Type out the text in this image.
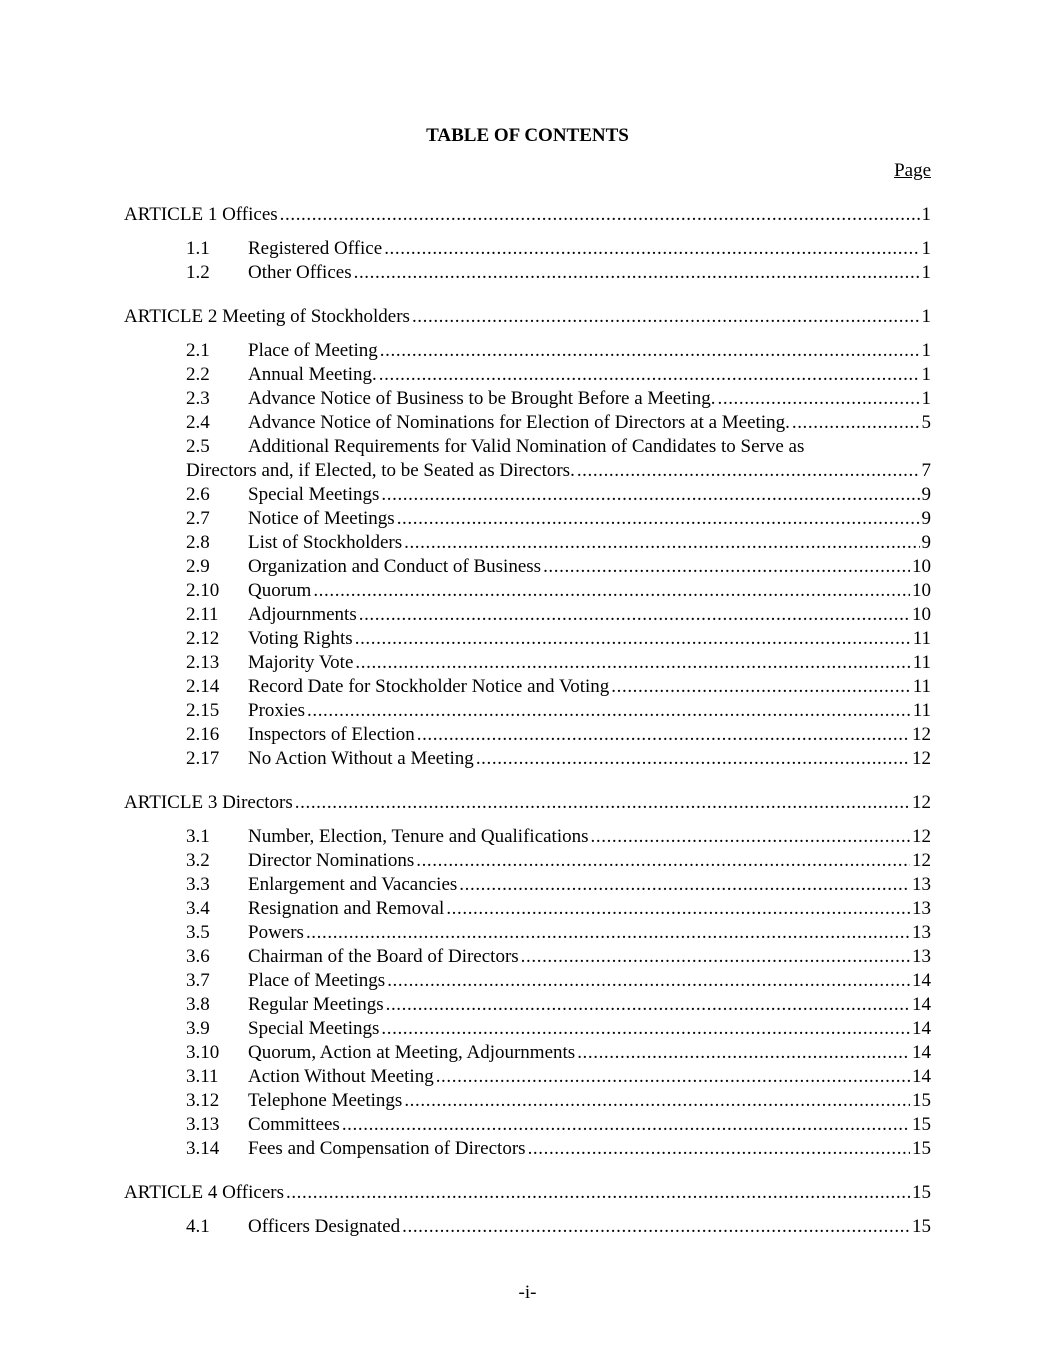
TABLE OF CONTENTS
Page
ARTICLE 1 Offices .....	1
1.1	Registered Office .....	1
1.2	Other Offices .....	1
ARTICLE 2 Meeting of Stockholders .....	1
2.1	Place of Meeting .....	1
2.2	Annual Meeting. .....	1
2.3	Advance Notice of Business to be Brought Before a Meeting. .....	1
2.4	Advance Notice of Nominations for Election of Directors at a Meeting. .....	5
2.5	Additional Requirements for Valid Nomination of Candidates to Serve as
Directors and, if Elected, to be Seated as Directors. .....	7
2.6	Special Meetings .....	9
2.7	Notice of Meetings .....	9
2.8	List of Stockholders .....	9
2.9	Organization and Conduct of Business .....	10
2.10	Quorum .....	10
2.11	Adjournments .....	10
2.12	Voting Rights .....	11
2.13	Majority Vote .....	11
2.14	Record Date for Stockholder Notice and Voting .....	11
2.15	Proxies .....	11
2.16	Inspectors of Election .....	12
2.17	No Action Without a Meeting .....	12
ARTICLE 3 Directors .....	12
3.1	Number, Election, Tenure and Qualifications .....	12
3.2	Director Nominations .....	12
3.3	Enlargement and Vacancies .....	13
3.4	Resignation and Removal .....	13
3.5	Powers .....	13
3.6	Chairman of the Board of Directors .....	13
3.7	Place of Meetings .....	14
3.8	Regular Meetings .....	14
3.9	Special Meetings .....	14
3.10	Quorum, Action at Meeting, Adjournments .....	14
3.11	Action Without Meeting .....	14
3.12	Telephone Meetings .....	15
3.13	Committees .....	15
3.14	Fees and Compensation of Directors .....	15
ARTICLE 4 Officers .....	15
4.1	Officers Designated .....	15
-i-
